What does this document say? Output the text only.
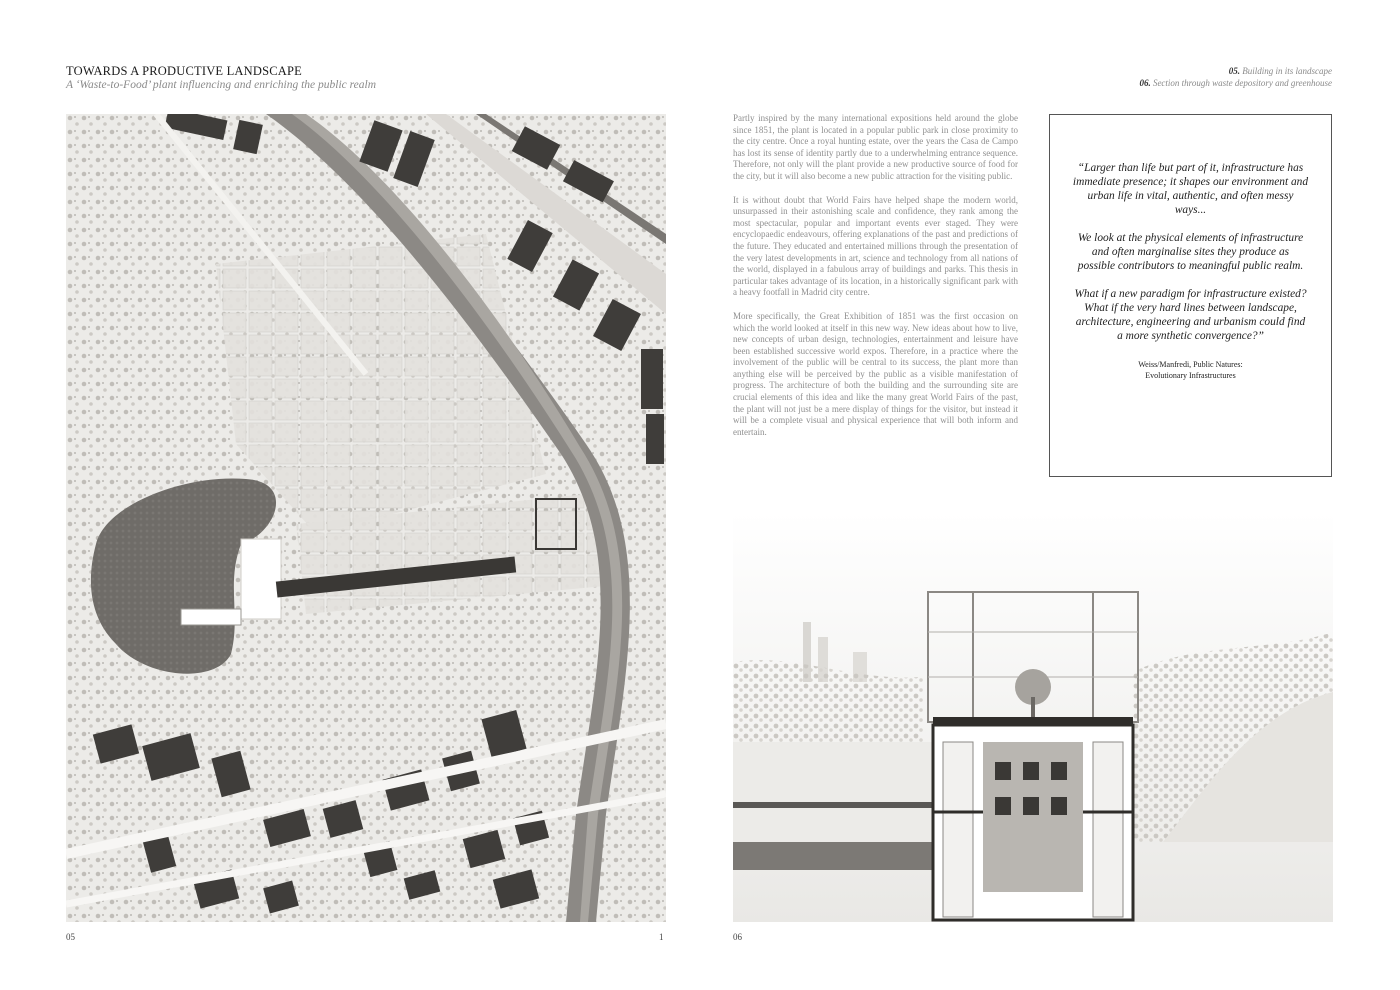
TOWARDS A PRODUCTIVE LANDSCAPE
A ‘Waste-to-Food’ plant influencing and enriching the public realm
05. Building in its landscape
06. Section through waste depository and greenhouse

Partly inspired by the many international expositions held around the globe since 1851, the plant is located in a popular public park in close proximity to the city centre. Once a royal hunting estate, over the years the Casa de Campo has lost its sense of identity partly due to a underwhelming entrance sequence. Therefore, not only will the plant provide a new productive source of food for the city, but it will also become a new public attraction for the visiting public.

It is without doubt that World Fairs have helped shape the modern world, unsurpassed in their astonishing scale and confidence, they rank among the most spectacular, popular and important events ever staged. They were encyclopaedic endeavours, offering explanations of the past and predictions of the future. They educated and entertained millions through the presentation of the very latest developments in art, science and technology from all nations of the world, displayed in a fabulous array of buildings and parks. This thesis in particular takes advantage of its location, in a historically significant park with a heavy footfall in Madrid city centre.

More specifically, the Great Exhibition of 1851 was the first occasion on which the world looked at itself in this new way. New ideas about how to live, new concepts of urban design, technologies, entertainment and leisure have been established successive world expos. Therefore, in a practice where the involvement of the public will be central to its success, the plant more than anything else will be perceived by the public as a visible manifestation of progress. The architecture of both the building and the surrounding site are crucial elements of this idea and like the many great World Fairs of the past, the plant will not just be a mere display of things for the visitor, but instead it will be a complete visual and physical experience that will both inform and entertain.

“Larger than life but part of it, infrastructure has immediate presence; it shapes our environment and urban life in vital, authentic, and often messy ways...

We look at the physical elements of infrastructure and often marginalise sites they produce as possible contributors to meaningful public realm.

What if a new paradigm for infrastructure existed? What if the very hard lines between landscape, architecture, engineering and urbanism could find a more synthetic convergence?”

Weiss/Manfredi, Public Natures:
Evolutionary Infrastructures
05	1	06
